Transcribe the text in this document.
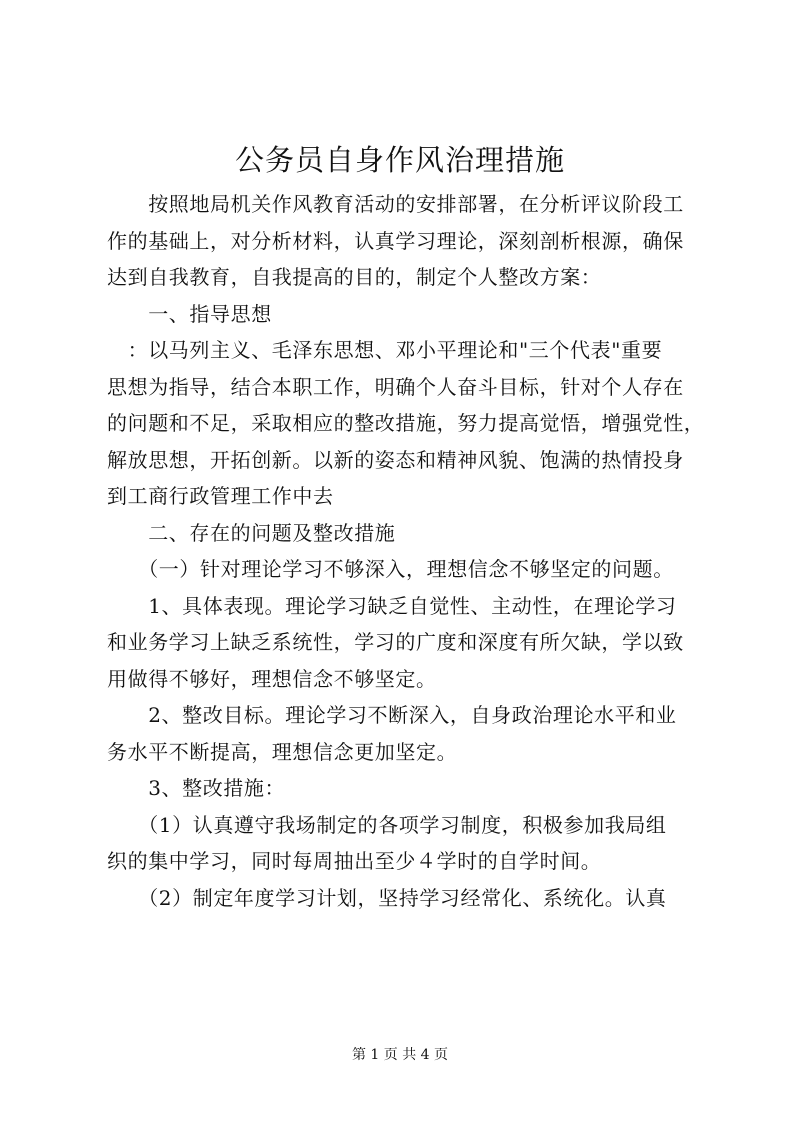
公务员自身作风治理措施
　　按照地局机关作风教育活动的安排部署，在分析评议阶段工
作的基础上，对分析材料，认真学习理论，深刻剖析根源，确保
达到自我教育，自我提高的目的，制定个人整改方案：
　　一、指导思想
　：以马列主义、毛泽东思想、邓小平理论和"三个代表"重要
思想为指导，结合本职工作，明确个人奋斗目标，针对个人存在
的问题和不足，采取相应的整改措施，努力提高觉悟，增强党性，
解放思想，开拓创新。以新的姿态和精神风貌、饱满的热情投身
到工商行政管理工作中去
　　二、存在的问题及整改措施
　　（一）针对理论学习不够深入，理想信念不够坚定的问题。
　　1、具体表现。理论学习缺乏自觉性、主动性，在理论学习
和业务学习上缺乏系统性，学习的广度和深度有所欠缺，学以致
用做得不够好，理想信念不够坚定。
　　2、整改目标。理论学习不断深入，自身政治理论水平和业
务水平不断提高，理想信念更加坚定。
　　3、整改措施：
　　（1）认真遵守我场制定的各项学习制度，积极参加我局组
织的集中学习，同时每周抽出至少４学时的自学时间。
　　（2）制定年度学习计划，坚持学习经常化、系统化。认真
第 1 页 共 4 页
